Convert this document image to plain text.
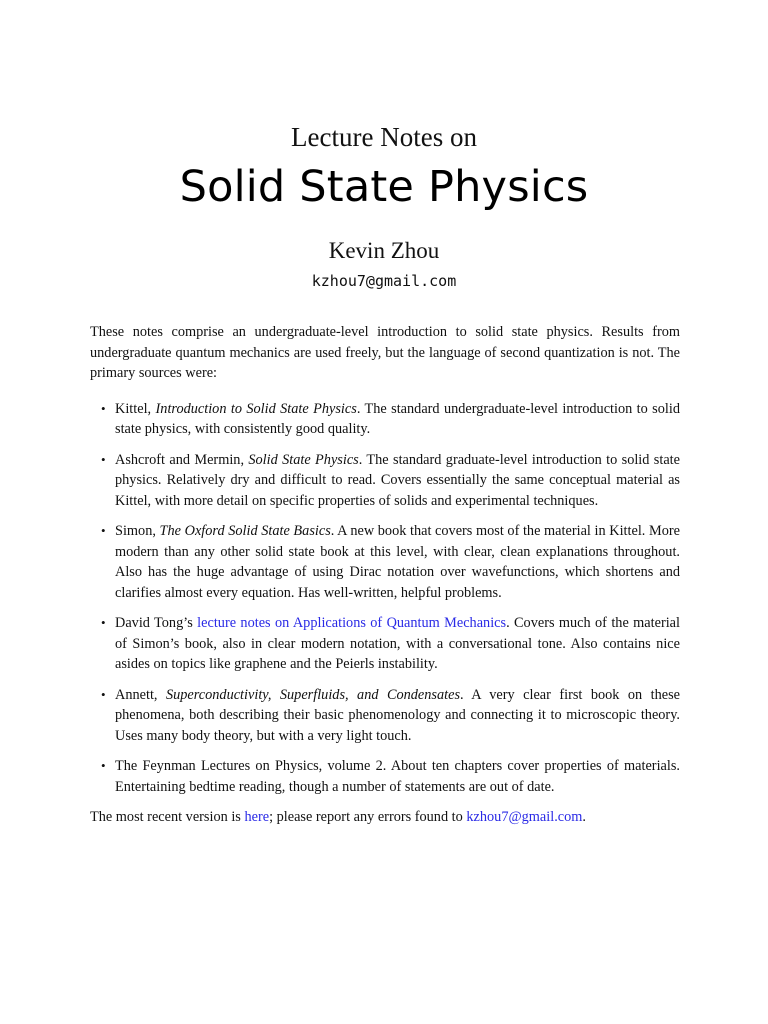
Lecture Notes on
Solid State Physics
Kevin Zhou
kzhou7@gmail.com

These notes comprise an undergraduate-level introduction to solid state physics. Results from undergraduate quantum mechanics are used freely, but the language of second quantization is not. The primary sources were:

• Kittel, Introduction to Solid State Physics. The standard undergraduate-level introduction to solid state physics, with consistently good quality.
• Ashcroft and Mermin, Solid State Physics. The standard graduate-level introduction to solid state physics. Relatively dry and difficult to read. Covers essentially the same conceptual material as Kittel, with more detail on specific properties of solids and experimental techniques.
• Simon, The Oxford Solid State Basics. A new book that covers most of the material in Kittel. More modern than any other solid state book at this level, with clear, clean explanations throughout. Also has the huge advantage of using Dirac notation over wavefunctions, which shortens and clarifies almost every equation. Has well-written, helpful problems.
• David Tong’s lecture notes on Applications of Quantum Mechanics. Covers much of the material of Simon’s book, also in clear modern notation, with a conversational tone. Also contains nice asides on topics like graphene and the Peierls instability.
• Annett, Superconductivity, Superfluids, and Condensates. A very clear first book on these phenomena, both describing their basic phenomenology and connecting it to microscopic theory. Uses many body theory, but with a very light touch.
• The Feynman Lectures on Physics, volume 2. About ten chapters cover properties of materials. Entertaining bedtime reading, though a number of statements are out of date.

The most recent version is here; please report any errors found to kzhou7@gmail.com.
